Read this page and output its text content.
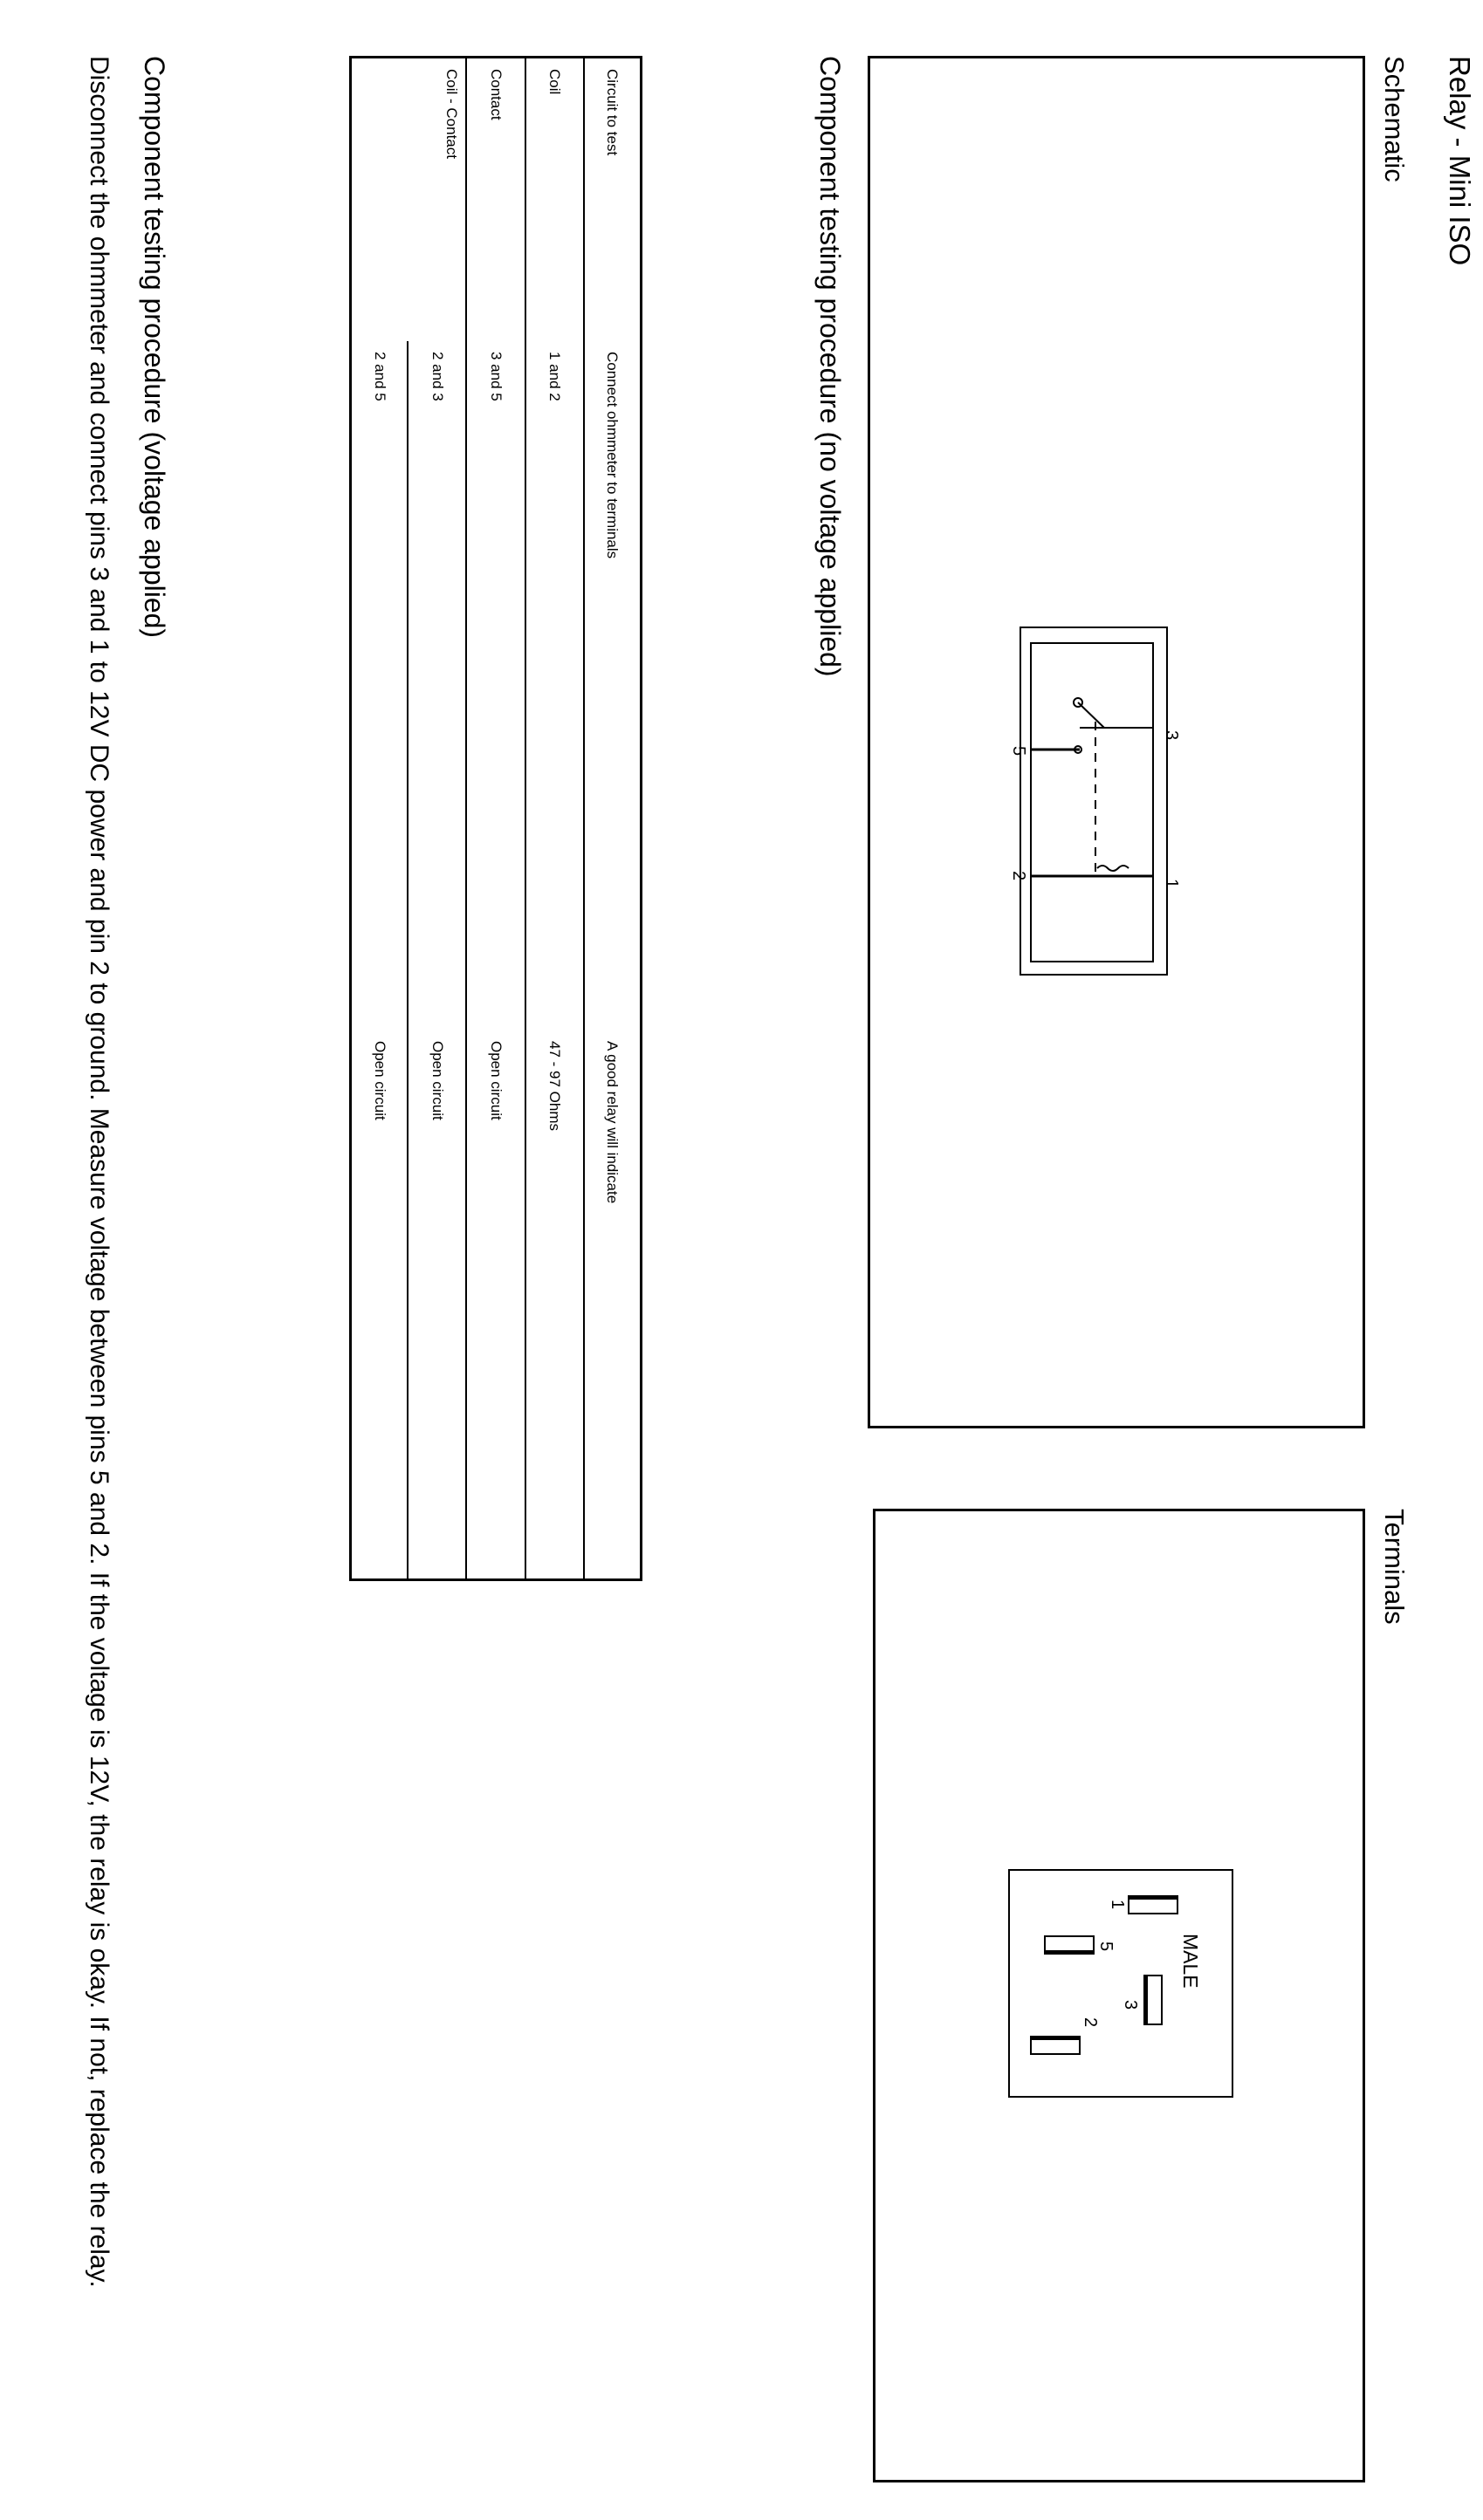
Relay - Mini ISO
Schematic
Terminals
3
1
5
2
1
5
3
2
MALE
Component testing procedure (no voltage applied)
Circuit to test	Connect ohmmeter to terminals	A good relay will indicate
Coil	1 and 2	47 - 97 Ohms
Contact	3 and 5	Open circuit
Coil - Contact	2 and 3	Open circuit
	2 and 5	Open circuit
Component testing procedure (voltage applied)
Disconnect the ohmmeter and connect pins 3 and 1 to 12V DC power and pin 2 to ground. Measure voltage between pins 5 and 2. If the voltage is 12V, the relay is okay. If not, replace the relay.
